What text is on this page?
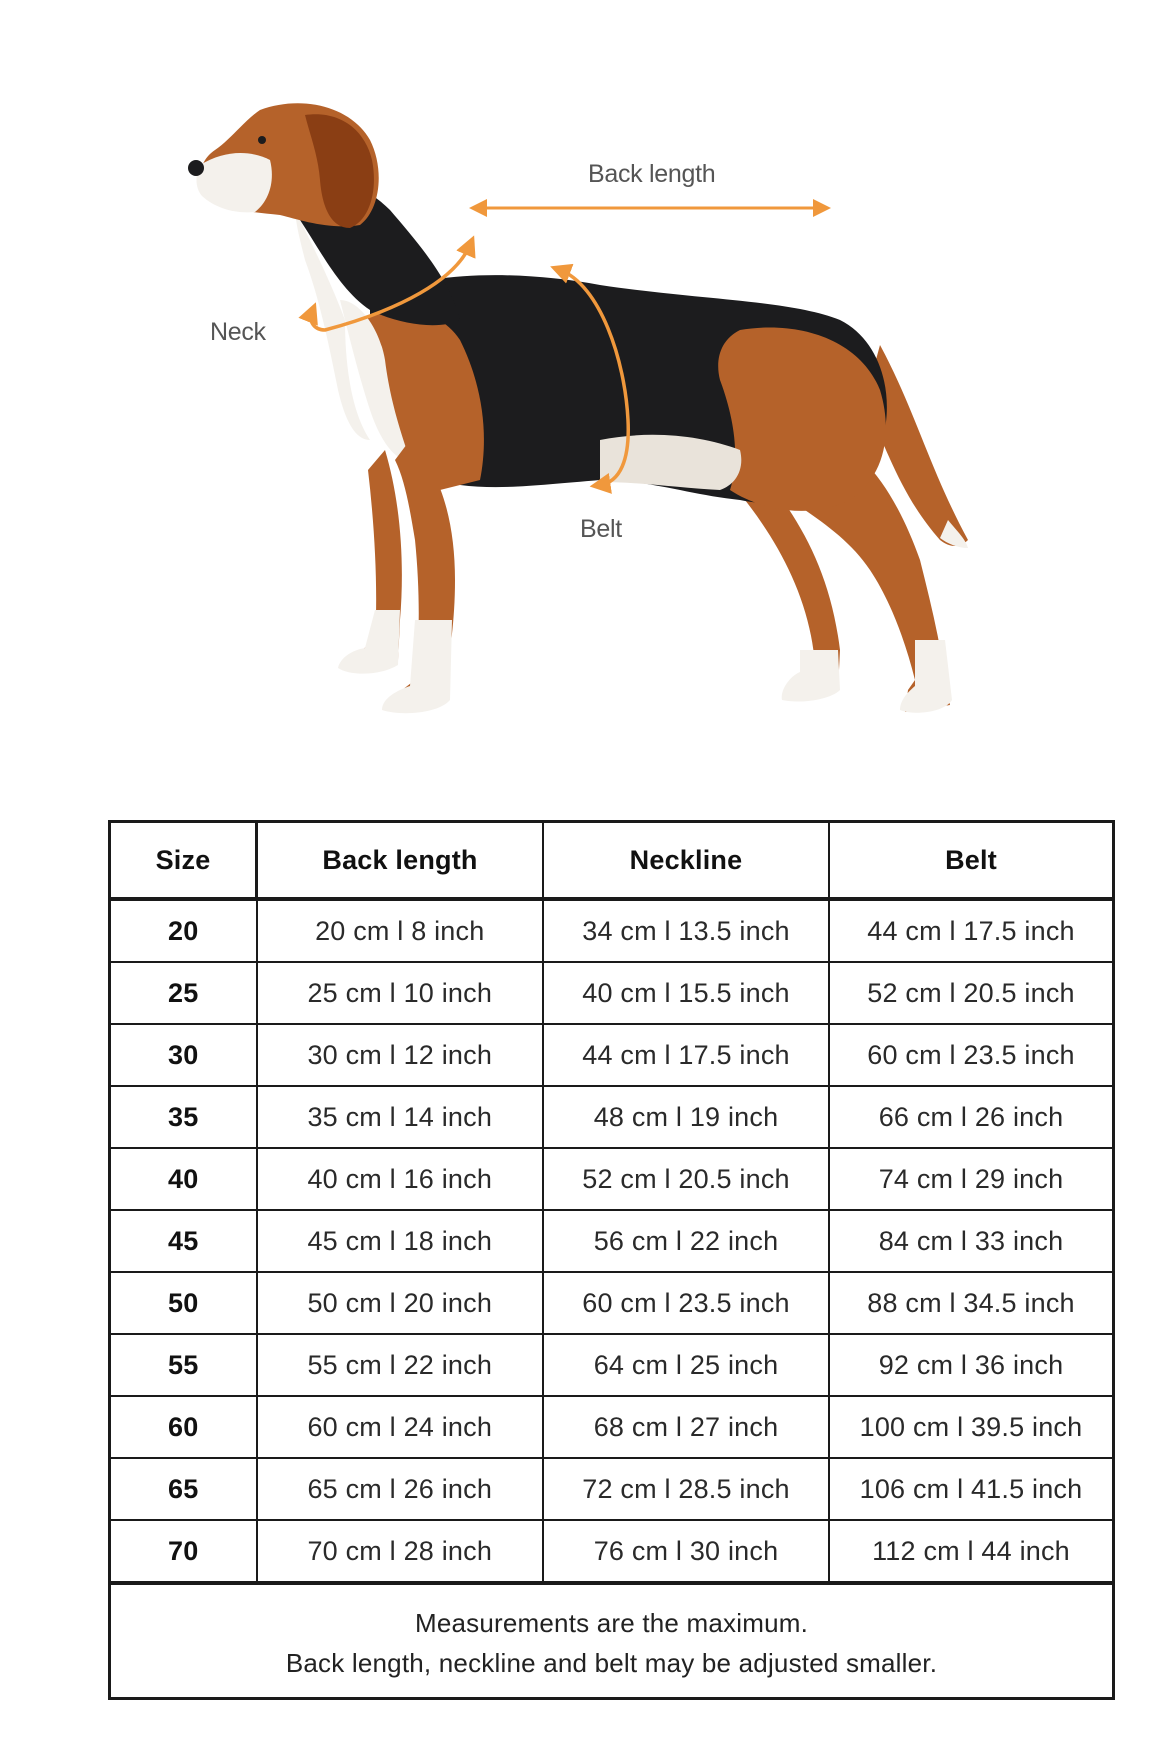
Back length
Neck
Belt
Size	Back length	Neckline	Belt
20	20 cm l 8 inch	34 cm l 13.5 inch	44 cm l 17.5 inch
25	25 cm l 10 inch	40 cm l 15.5 inch	52 cm l 20.5 inch
30	30 cm l 12 inch	44 cm l 17.5 inch	60 cm l 23.5 inch
35	35 cm l 14 inch	48 cm l 19 inch	66 cm l 26 inch
40	40 cm l 16 inch	52 cm l 20.5 inch	74 cm l 29 inch
45	45 cm l 18 inch	56 cm l 22 inch	84 cm l 33 inch
50	50 cm l 20 inch	60 cm l 23.5 inch	88 cm l 34.5 inch
55	55 cm l 22 inch	64 cm l 25 inch	92 cm l 36 inch
60	60 cm l 24 inch	68 cm l 27 inch	100 cm l 39.5 inch
65	65 cm l 26 inch	72 cm l 28.5 inch	106 cm l 41.5 inch
70	70 cm l 28 inch	76 cm l 30 inch	112 cm l 44 inch

Measurements are the maximum.
Back length, neckline and belt may be adjusted smaller.			
